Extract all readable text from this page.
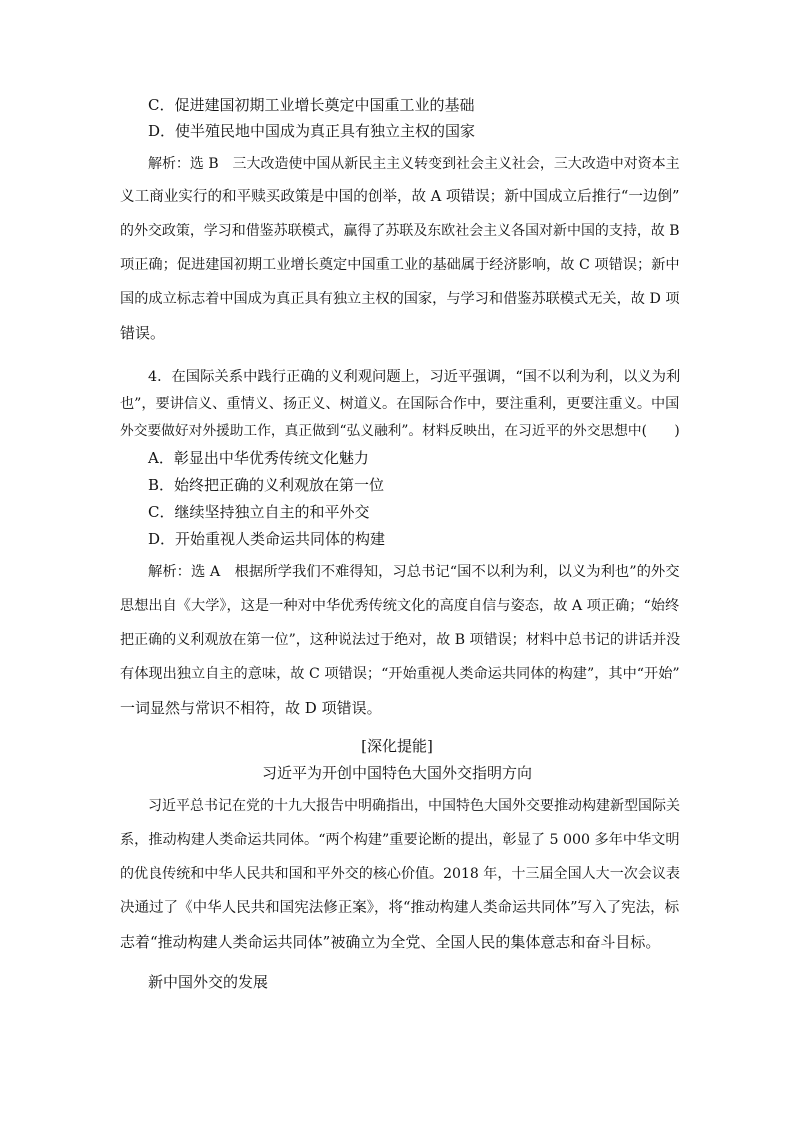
C．促进建国初期工业增长奠定中国重工业的基础
D．使半殖民地中国成为真正具有独立主权的国家
解析：选 B　三大改造使中国从新民主主义转变到社会主义社会，三大改造中对资本主
义工商业实行的和平赎买政策是中国的创举，故 A 项错误；新中国成立后推行“一边倒”
的外交政策，学习和借鉴苏联模式，赢得了苏联及东欧社会主义各国对新中国的支持，故 B
项正确；促进建国初期工业增长奠定中国重工业的基础属于经济影响，故 C 项错误；新中
国的成立标志着中国成为真正具有独立主权的国家，与学习和借鉴苏联模式无关，故 D 项
错误。
4．在国际关系中践行正确的义利观问题上，习近平强调，“国不以利为利，以义为利
也”，要讲信义、重情义、扬正义、树道义。在国际合作中，要注重利，更要注重义。中国
外交要做好对外援助工作，真正做到“弘义融利”。材料反映出，在习近平的外交思想中(　　)
A．彰显出中华优秀传统文化魅力
B．始终把正确的义利观放在第一位
C．继续坚持独立自主的和平外交
D．开始重视人类命运共同体的构建
解析：选 A　根据所学我们不难得知，习总书记“国不以利为利，以义为利也”的外交
思想出自《大学》，这是一种对中华优秀传统文化的高度自信与姿态，故 A 项正确；“始终
把正确的义利观放在第一位”，这种说法过于绝对，故 B 项错误；材料中总书记的讲话并没
有体现出独立自主的意味，故 C 项错误；“开始重视人类命运共同体的构建”，其中“开始”
一词显然与常识不相符，故 D 项错误。
[深化提能]
习近平为开创中国特色大国外交指明方向
习近平总书记在党的十九大报告中明确指出，中国特色大国外交要推动构建新型国际关
系，推动构建人类命运共同体。“两个构建”重要论断的提出，彰显了 5 000 多年中华文明
的优良传统和中华人民共和国和平外交的核心价值。2018 年，十三届全国人大一次会议表
决通过了《中华人民共和国宪法修正案》，将“推动构建人类命运共同体”写入了宪法，标
志着“推动构建人类命运共同体”被确立为全党、全国人民的集体意志和奋斗目标。
新中国外交的发展
